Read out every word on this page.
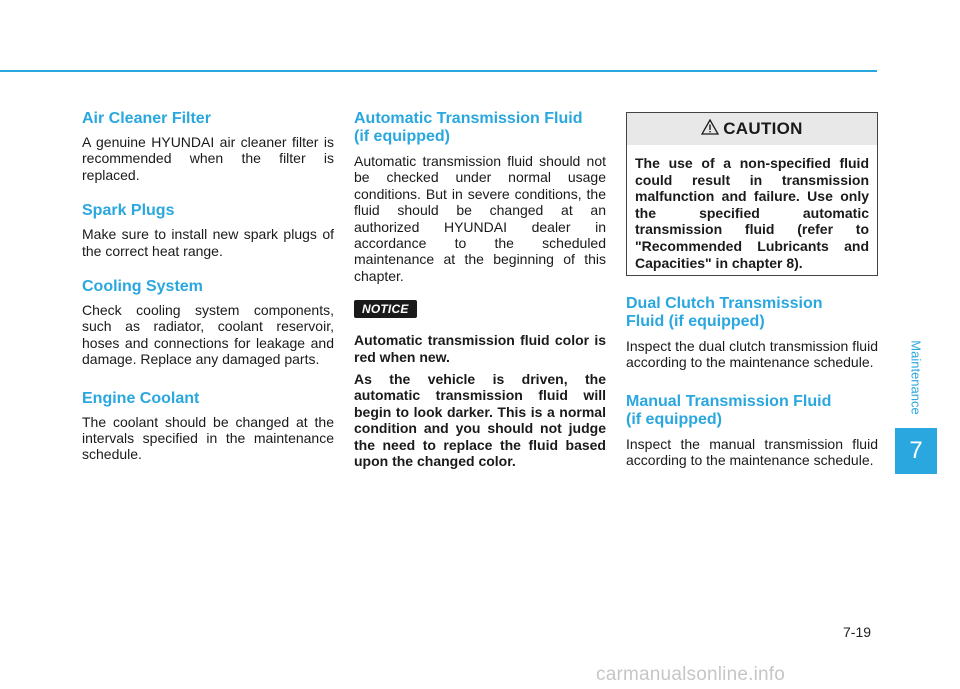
Air Cleaner Filter

A genuine HYUNDAI air cleaner filter is recommended when the filter is replaced.

Spark Plugs

Make sure to install new spark plugs of the correct heat range.

Cooling System

Check cooling system components, such as radiator, coolant reservoir, hoses and connections for leakage and damage. Replace any damaged parts.

Engine Coolant

The coolant should be changed at the intervals specified in the maintenance schedule.

Automatic Transmission Fluid
(if equipped)

Automatic transmission fluid should not be checked under normal usage conditions. But in severe conditions, the fluid should be changed at an authorized HYUNDAI dealer in accordance to the scheduled maintenance at the beginning of this chapter.

NOTICE

Automatic transmission fluid color is red when new.

As the vehicle is driven, the automatic transmission fluid will begin to look darker. This is a normal condition and you should not judge the need to replace the fluid based upon the changed color.

CAUTION
The use of a non-specified fluid could result in transmission malfunction and failure. Use only the specified automatic transmission fluid (refer to "Recommended Lubricants and Capacities" in chapter 8).
Dual Clutch Transmission
Fluid (if equipped)

Inspect the dual clutch transmission fluid according to the maintenance schedule.

Manual Transmission Fluid
(if equipped)

Inspect the manual transmission fluid according to the maintenance schedule.

Maintenance
7
7-19
carmanualsonline.info
